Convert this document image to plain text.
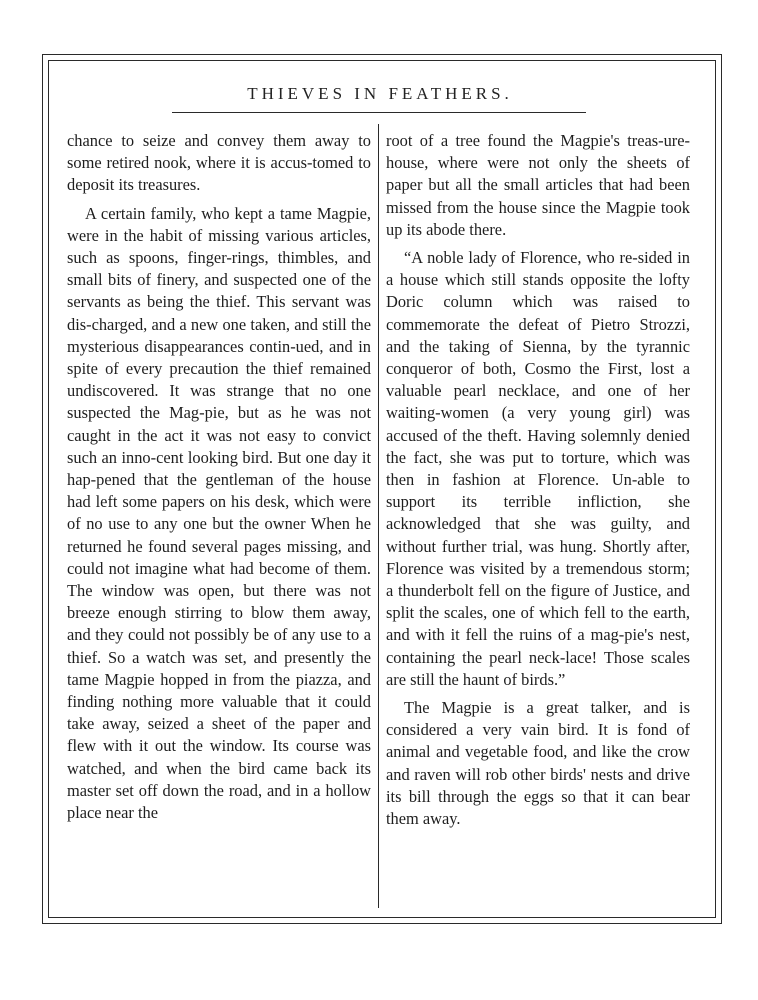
THIEVES IN FEATHERS.

chance to seize and convey them away to some retired nook, where it is accus-tomed to deposit its treasures.

A certain family, who kept a tame Magpie, were in the habit of missing various articles, such as spoons, finger-rings, thimbles, and small bits of finery, and suspected one of the servants as being the thief. This servant was dis-charged, and a new one taken, and still the mysterious disappearances contin-ued, and in spite of every precaution the thief remained undiscovered. It was strange that no one suspected the Mag-pie, but as he was not caught in the act it was not easy to convict such an inno-cent looking bird. But one day it hap-pened that the gentleman of the house had left some papers on his desk, which were of no use to any one but the owner When he returned he found several pages missing, and could not imagine what had become of them. The window was open, but there was not breeze enough stirring to blow them away, and they could not possibly be of any use to a thief. So a watch was set, and presently the tame Magpie hopped in from the piazza, and finding nothing more valuable that it could take away, seized a sheet of the paper and flew with it out the window. Its course was watched, and when the bird came back its master set off down the road, and in a hollow place near the

root of a tree found the Magpie's treas-ure-house, where were not only the sheets of paper but all the small articles that had been missed from the house since the Magpie took up its abode there.

“A noble lady of Florence, who re-sided in a house which still stands opposite the lofty Doric column which was raised to commemorate the defeat of Pietro Strozzi, and the taking of Sienna, by the tyrannic conqueror of both, Cosmo the First, lost a valuable pearl necklace, and one of her waiting-women (a very young girl) was accused of the theft. Having solemnly denied the fact, she was put to torture, which was then in fashion at Florence. Un-able to support its terrible infliction, she acknowledged that she was guilty, and without further trial, was hung. Shortly after, Florence was visited by a tremendous storm; a thunderbolt fell on the figure of Justice, and split the scales, one of which fell to the earth, and with it fell the ruins of a mag-pie's nest, containing the pearl neck-lace! Those scales are still the haunt of birds.”

The Magpie is a great talker, and is considered a very vain bird. It is fond of animal and vegetable food, and like the crow and raven will rob other birds' nests and drive its bill through the eggs so that it can bear them away.
